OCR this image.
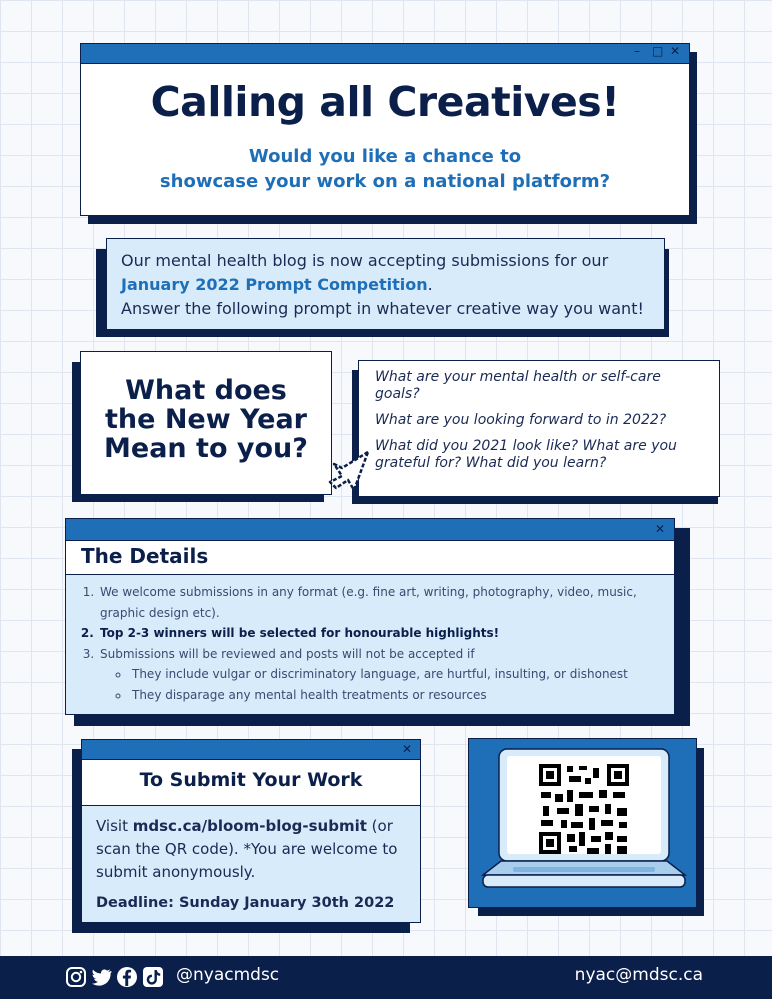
– □ ✕
Calling all Creatives!
Would you like a chance to
showcase your work on a national platform?

Our mental health blog is now accepting submissions for our

January 2022 Prompt Competition.

Answer the following prompt in whatever creative way you want!

What does
the New Year
Mean to you?

What are your mental health or self-care goals?

What are you looking forward to in 2022?

What did you 2021 look like? What are you grateful for? What did you learn?

✕
The Details
1. We welcome submissions in any format (e.g. fine art, writing, photography, video, music, graphic design etc).
2. Top 2-3 winners will be selected for honourable highlights!
3. Submissions will be reviewed and posts will not be accepted if
◦ They include vulgar or discriminatory language, are hurtful, insulting, or dishonest
◦ They disparage any mental health treatments or resources
✕
To Submit Your Work

Visit mdsc.ca/bloom-blog-submit (or scan the QR code). *You are welcome to submit anonymously.

Deadline: Sunday January 30th 2022

@nyacmdsc	nyac@mdsc.ca
